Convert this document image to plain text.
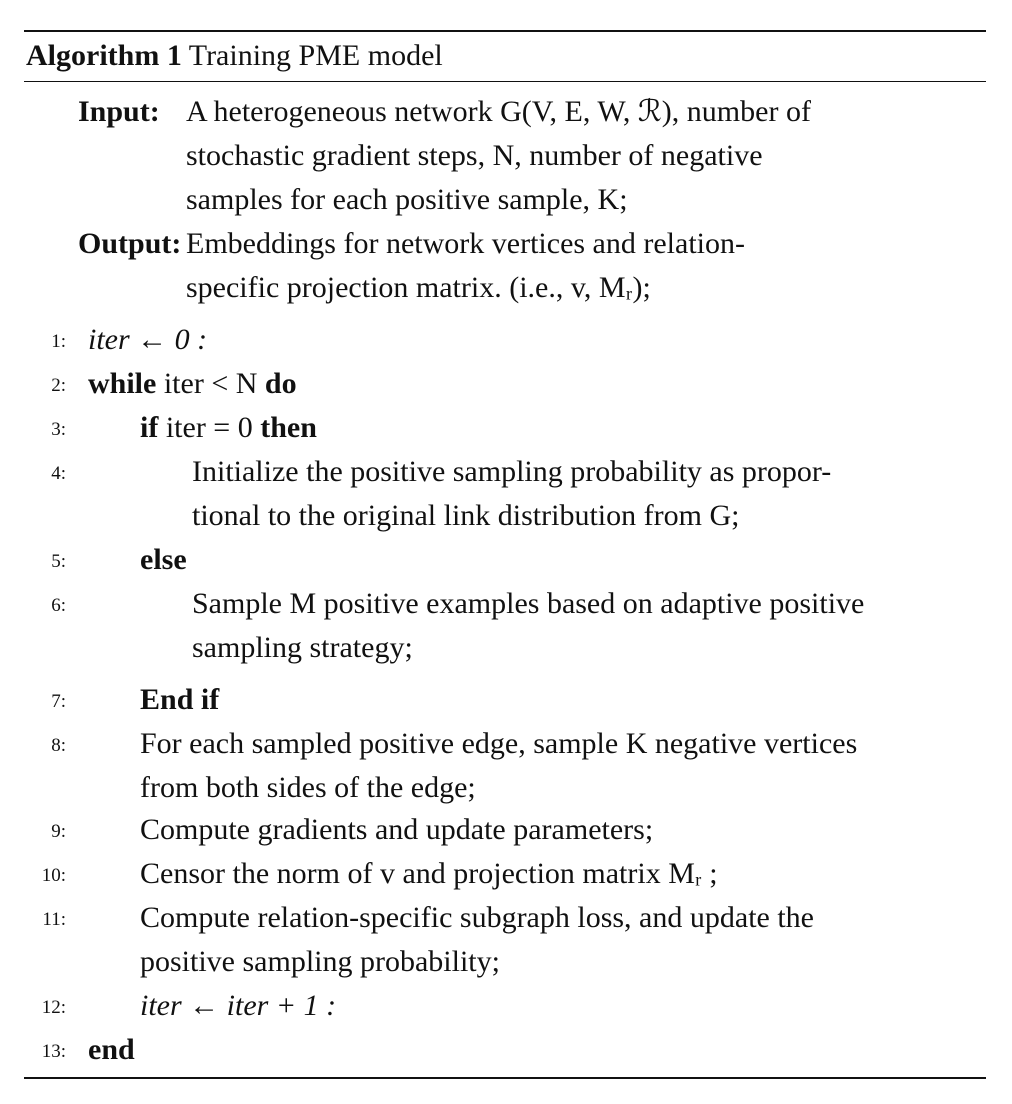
Algorithm 1 Training PME model
Input: A heterogeneous network G(V, E, W, ℛ), number of
stochastic gradient steps, N, number of negative
samples for each positive sample, K;
Output: Embeddings for network vertices and relation-
specific projection matrix. (i.e., v, Mᵣ);
1: iter ← 0 :
2: while iter < N do
3: if iter = 0 then
4:	Initialize the positive sampling probability as propor-
tional to the original link distribution from G;
5: else
6:	Sample M positive examples based on adaptive positive
sampling strategy;
7: End if
8: For each sampled positive edge, sample K negative vertices
from both sides of the edge;
9: Compute gradients and update parameters;
10: Censor the norm of v and projection matrix Mᵣ ;
11: Compute relation-specific subgraph loss, and update the
positive sampling probability;
12: iter ← iter + 1 :
13: end
